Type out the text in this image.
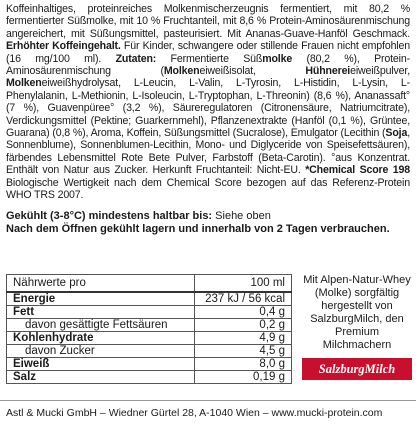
Koffeinhaltiges, proteinreiches Molkenmischerzeugnis fermentiert, mit 80,2 % fermentierter Süßmolke, mit 10 % Fruchtanteil, mit 8,6 % Protein-Aminosäurenmischung angereichert, mit Süßungsmittel, pasteurisiert. Mit Ananas-Guave-Hanföl Geschmack. Erhöhter Koffeingehalt. Für Kinder, schwangere oder stillende Frauen nicht empfohlen (16 mg/100 ml). Zutaten: Fermentierte Süßmolke (80,2 %), Protein-Aminosäurenmischung (Molkeneiweißisolat, Hühnereieiweißpulver, Molkeneiweißhydrolysat, L-Leucin, L-Valin, L-Tyrosin, L-Histidin, L-Lysin, L-Phenylalanin, L-Methionin, L-Isoleucin, L-Tryptophan, L-Threonin) (8,6 %), Ananassaft° (7 %), Guavenpüree° (3,2 %), Säureregulatoren (Citronensäure, Natriumcitrate), Verdickungsmittel (Pektine; Guarkernmehl), Pflanzenextrakte (Hanföl (0,1 %), Grüntee, Guarana) (0,8 %), Aroma, Koffein, Süßungsmittel (Sucralose), Emulgator (Lecithin (Soja, Sonnenblume), Sonnenblumen-Lecithin, Mono- und Diglyceride von Speisefettsäuren), färbendes Lebensmittel Rote Bete Pulver, Farbstoff (Beta-Carotin). °aus Konzentrat. Enthält von Natur aus Zucker. Herkunft Fruchtanteil: Nicht-EU. *Chemical Score 198 Biologische Wertigkeit nach dem Chemical Score bezogen auf das Referenz-Protein WHO TRS 2007.

Gekühlt (3-8°C) mindestens haltbar bis: Siehe oben
Nach dem Öffnen gekühlt lagern und innerhalb von 2 Tagen verbrauchen.
Nährwerte pro	100 ml
Energie	237 kJ / 56 kcal
Fett	0,4 g
davon gesättigte Fettsäuren	0,2 g
Kohlenhydrate	4,9 g
davon Zucker	4,5 g
Eiweiß	8,0 g
Salz	0,19 g
Mit Alpen-Natur-Whey (Molke) sorgfältig hergestellt von SalzburgMilch, den Premium Milchmachern
SalzburgMilch
Astl & Mucki GmbH – Wiedner Gürtel 28, A-1040 Wien – www.mucki-protein.com
